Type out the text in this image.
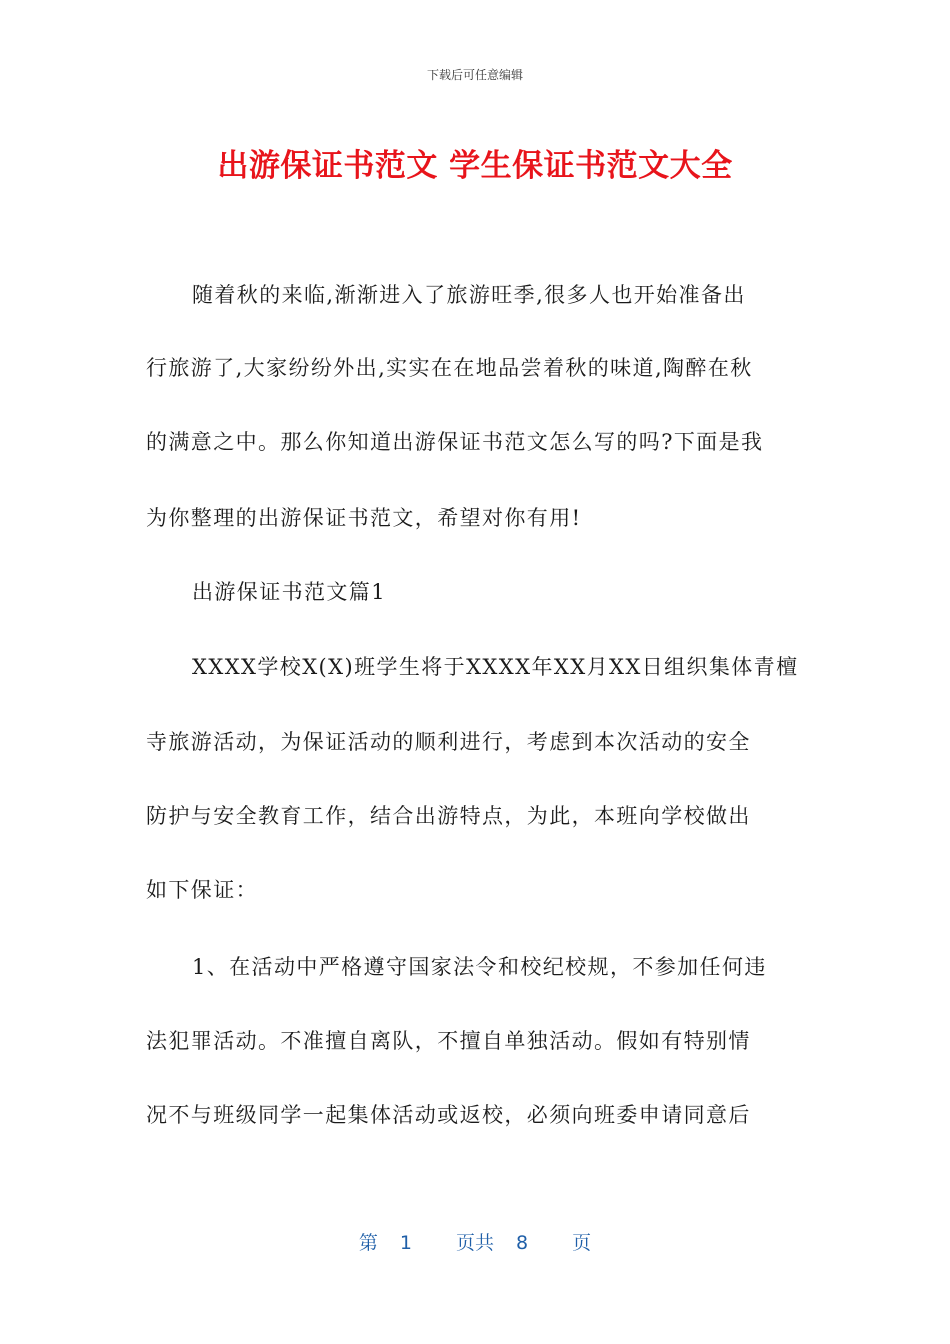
下载后可任意编辑
出游保证书范文 学生保证书范文大全
随着秋的来临,渐渐进入了旅游旺季,很多人也开始准备出
行旅游了,大家纷纷外出,实实在在地品尝着秋的味道,陶醉在秋
的满意之中。那么你知道出游保证书范文怎么写的吗?下面是我
为你整理的出游保证书范文，希望对你有用!
出游保证书范文篇1
XXXX学校X(X)班学生将于XXXX年XX月XX日组织集体青檀
寺旅游活动，为保证活动的顺利进行，考虑到本次活动的安全
防护与安全教育工作，结合出游特点，为此，本班向学校做出
如下保证：
1、在活动中严格遵守国家法令和校纪校规，不参加任何违
法犯罪活动。不准擅自离队，不擅自单独活动。假如有特别情
况不与班级同学一起集体活动或返校，必须向班委申请同意后
第 1 页共 8 页
